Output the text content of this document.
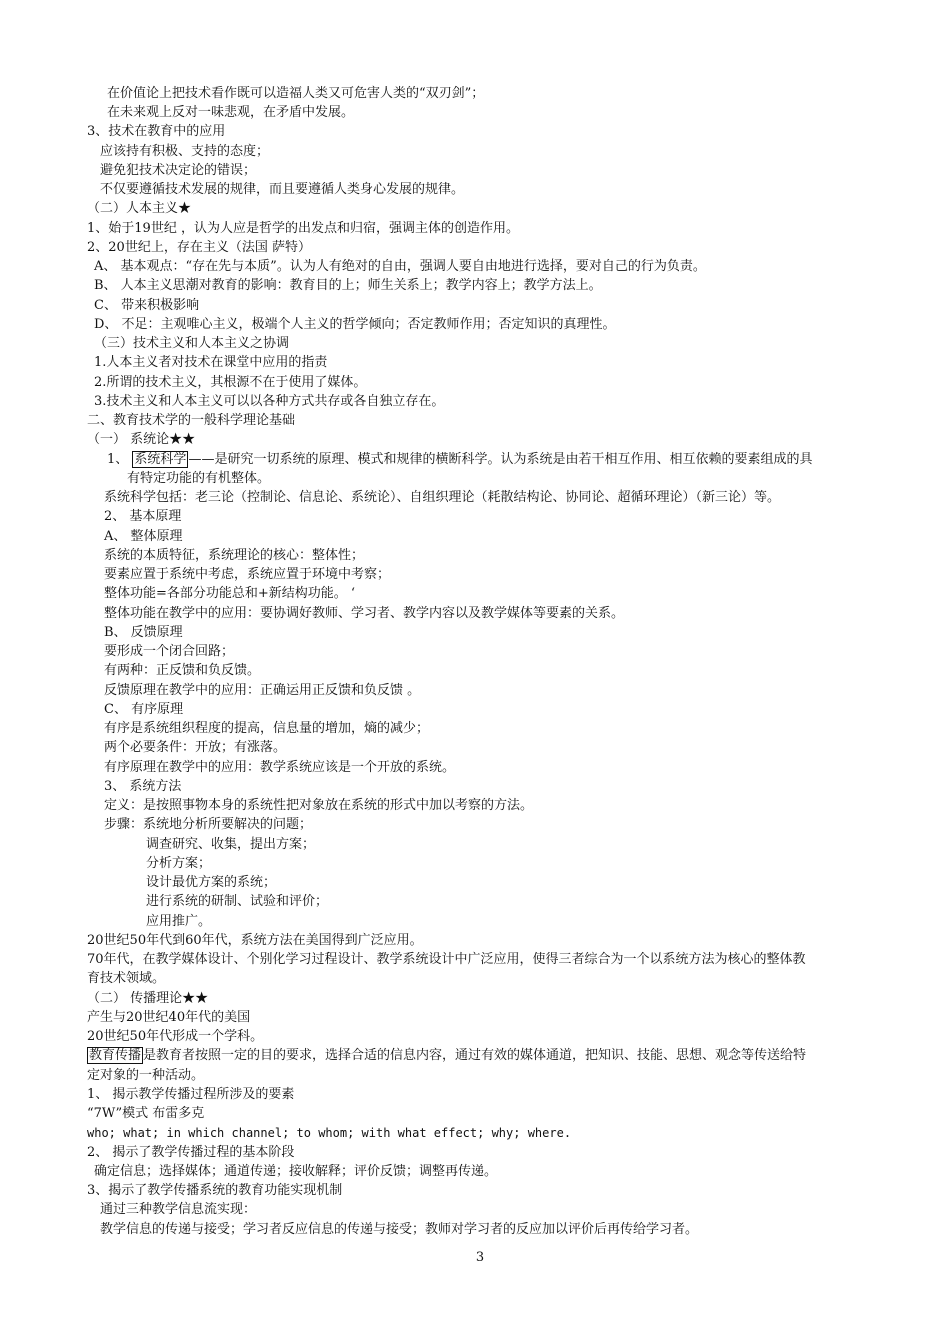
在价值论上把技术看作既可以造福人类又可危害人类的“双刃剑”；
在未来观上反对一味悲观，在矛盾中发展。
3、技术在教育中的应用
应该持有积极、支持的态度；
避免犯技术决定论的错误；
不仅要遵循技术发展的规律，而且要遵循人类身心发展的规律。
（二）人本主义★
1、始于19世纪 ，认为人应是哲学的出发点和归宿，强调主体的创造作用。
2、20世纪上，存在主义（法国 萨特）
A、 基本观点：“存在先与本质”。认为人有绝对的自由，强调人要自由地进行选择，要对自己的行为负责。
B、 人本主义思潮对教育的影响：教育目的上；师生关系上；教学内容上；教学方法上。
C、 带来积极影响
D、 不足：主观唯心主义，极端个人主义的哲学倾向；否定教师作用；否定知识的真理性。
（三）技术主义和人本主义之协调
1.人本主义者对技术在课堂中应用的指责
2.所谓的技术主义，其根源不在于使用了媒体。
3.技术主义和人本主义可以以各种方式共存或各自独立存在。
二、教育技术学的一般科学理论基础
（一） 系统论★★
1、 系统科学 ——是研究一切系统的原理、模式和规律的横断科学。认为系统是由若干相互作用、相互依赖的要素组成的具
有特定功能的有机整体。
系统科学包括：老三论（控制论、信息论、系统论）、自组织理论（耗散结构论、协同论、超循环理论）（新三论）等。
2、 基本原理
A、 整体原理
系统的本质特征，系统理论的核心：整体性；
要素应置于系统中考虑，系统应置于环境中考察；
整体功能=各部分功能总和+新结构功能。 ‘
整体功能在教学中的应用：要协调好教师、学习者、教学内容以及教学媒体等要素的关系。
B、 反馈原理
要形成一个闭合回路；
有两种：正反馈和负反馈。
反馈原理在教学中的应用：正确运用正反馈和负反馈 。
C、 有序原理
有序是系统组织程度的提高，信息量的增加，熵的减少；
两个必要条件：开放；有涨落。
有序原理在教学中的应用：教学系统应该是一个开放的系统。
3、 系统方法
定义：是按照事物本身的系统性把对象放在系统的形式中加以考察的方法。
步骤：系统地分析所要解决的问题；
调查研究、收集，提出方案；
分析方案；
设计最优方案的系统；
进行系统的研制、试验和评价；
应用推广。
20世纪50年代到60年代，系统方法在美国得到广泛应用。
70年代，在教学媒体设计、个别化学习过程设计、教学系统设计中广泛应用，使得三者综合为一个以系统方法为核心的整体教
育技术领域。
（二） 传播理论★★
产生与20世纪40年代的美国
20世纪50年代形成一个学科。
教育传播 是教育者按照一定的目的要求，选择合适的信息内容，通过有效的媒体通道，把知识、技能、思想、观念等传送给特
定对象的一种活动。
1、 揭示教学传播过程所涉及的要素
“7W”模式 布雷多克
who; what; in which channel; to whom; with what effect; why; where.
2、 揭示了教学传播过程的基本阶段
确定信息；选择媒体；通道传递；接收解释；评价反馈；调整再传递。
3、揭示了教学传播系统的教育功能实现机制
通过三种教学信息流实现：
教学信息的传递与接受；学习者反应信息的传递与接受；教师对学习者的反应加以评价后再传给学习者。
3
